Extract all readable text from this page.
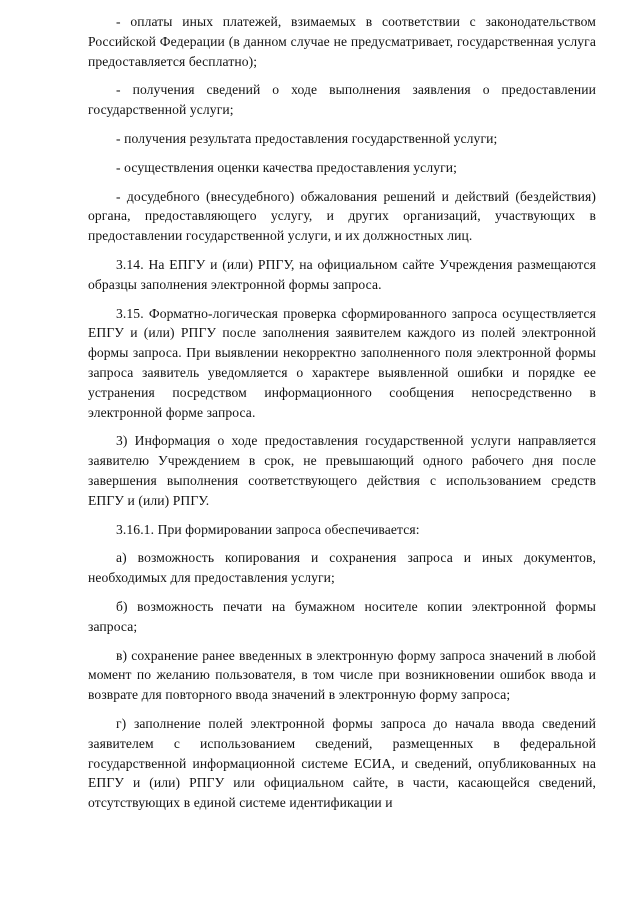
- оплаты иных платежей, взимаемых в соответствии с законодательством Российской Федерации (в данном случае не предусматривает, государственная услуга предоставляется бесплатно);

- получения сведений о ходе выполнения заявления о предоставлении государственной услуги;

- получения результата предоставления государственной услуги;

- осуществления оценки качества предоставления услуги;

- досудебного (внесудебного) обжалования решений и действий (бездействия) органа, предоставляющего услугу, и других организаций, участвующих в предоставлении государственной услуги, и их должностных лиц.

3.14. На ЕПГУ и (или) РПГУ, на официальном сайте Учреждения размещаются образцы заполнения электронной формы запроса.

3.15. Форматно-логическая проверка сформированного запроса осуществляется ЕПГУ и (или) РПГУ после заполнения заявителем каждого из полей электронной формы запроса. При выявлении некорректно заполненного поля электронной формы запроса заявитель уведомляется о характере выявленной ошибки и порядке ее устранения посредством информационного сообщения непосредственно в электронной форме запроса.

3) Информация о ходе предоставления государственной услуги направляется заявителю Учреждением в срок, не превышающий одного рабочего дня после завершения выполнения соответствующего действия с использованием средств ЕПГУ и (или) РПГУ.

3.16.1. При формировании запроса обеспечивается:

а) возможность копирования и сохранения запроса и иных документов, необходимых для предоставления услуги;

б) возможность печати на бумажном носителе копии электронной формы запроса;

в) сохранение ранее введенных в электронную форму запроса значений в любой момент по желанию пользователя, в том числе при возникновении ошибок ввода и возврате для повторного ввода значений в электронную форму запроса;

г) заполнение полей электронной формы запроса до начала ввода сведений заявителем с использованием сведений, размещенных в федеральной государственной информационной системе ЕСИА, и сведений, опубликованных на ЕПГУ и (или) РПГУ или официальном сайте, в части, касающейся сведений, отсутствующих в единой системе идентификации и
